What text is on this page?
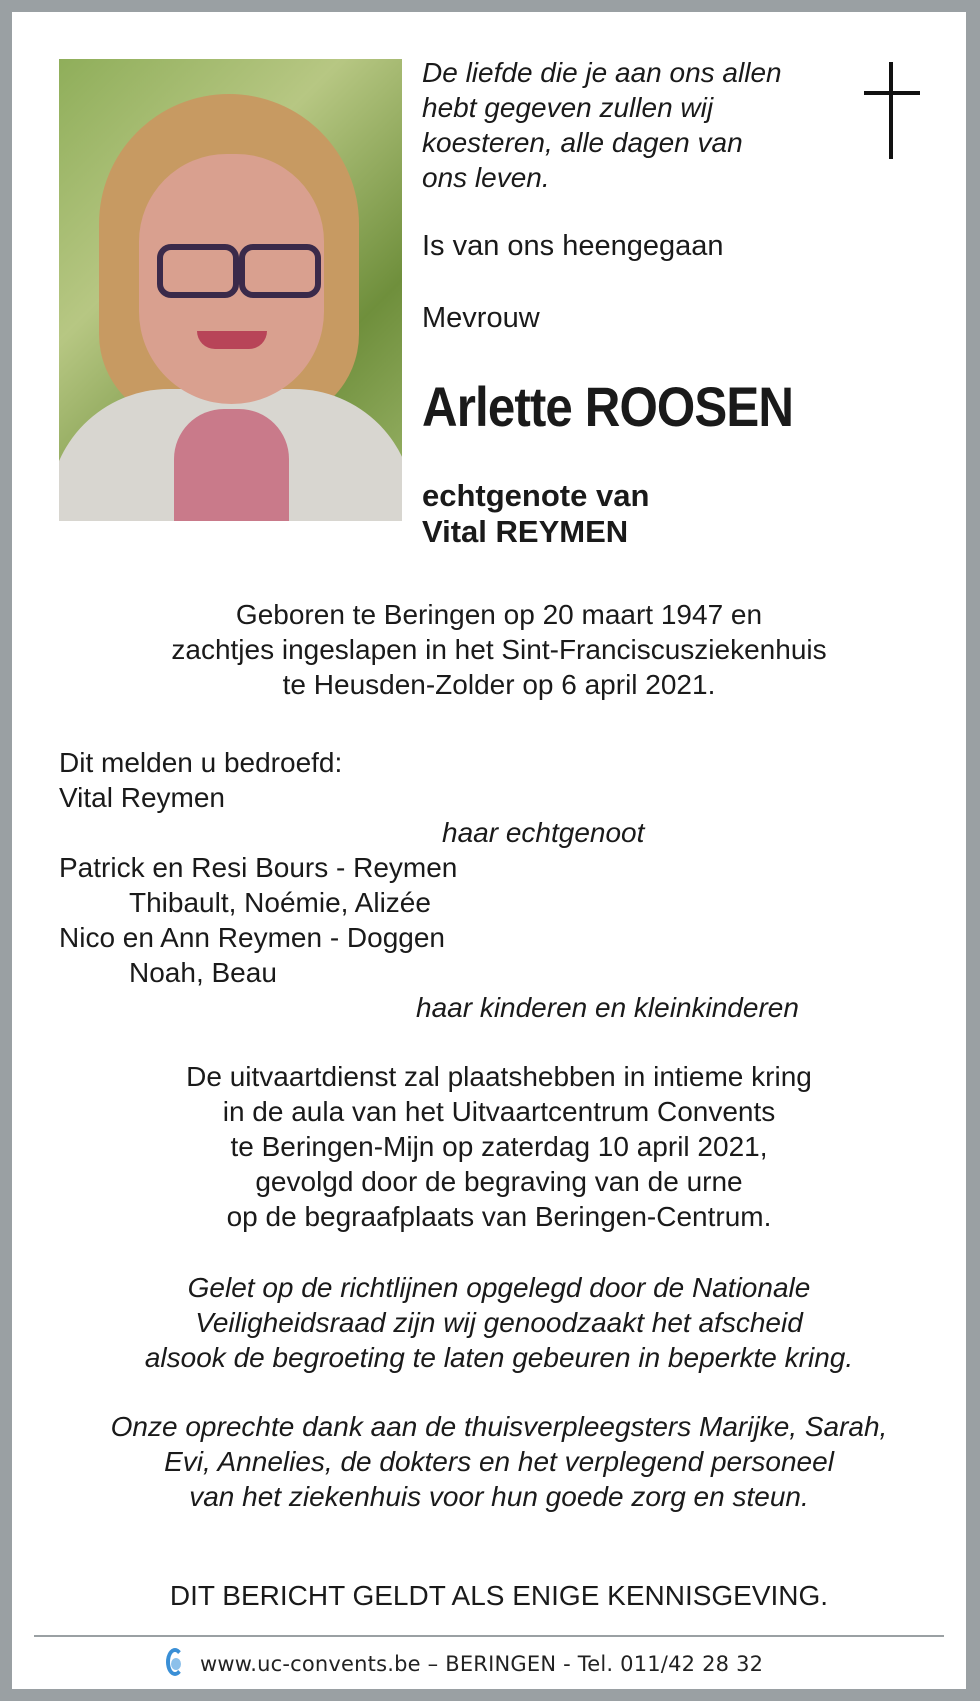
De liefde die je aan ons allen
hebt gegeven zullen wij
koesteren, alle dagen van
ons leven.
Is van ons heengegaan
Mevrouw
Arlette ROOSEN
echtgenote van
Vital REYMEN
Geboren te Beringen op 20 maart 1947 en
zachtjes ingeslapen in het Sint-Franciscusziekenhuis
te Heusden-Zolder op 6 april 2021.
Dit melden u bedroefd:
Vital Reymen
haar echtgenoot
Patrick en Resi Bours - Reymen
Thibault, Noémie, Alizée
Nico en Ann Reymen - Doggen
Noah, Beau
haar kinderen en kleinkinderen
De uitvaartdienst zal plaatshebben in intieme kring
in de aula van het Uitvaartcentrum Convents
te Beringen-Mijn op zaterdag 10 april 2021,
gevolgd door de begraving van de urne
op de begraafplaats van Beringen-Centrum.
Gelet op de richtlijnen opgelegd door de Nationale
Veiligheidsraad zijn wij genoodzaakt het afscheid
alsook de begroeting te laten gebeuren in beperkte kring.
Onze oprechte dank aan de thuisverpleegsters Marijke, Sarah,
Evi, Annelies, de dokters en het verplegend personeel
van het ziekenhuis voor hun goede zorg en steun.
DIT BERICHT GELDT ALS ENIGE KENNISGEVING.
www.uc-convents.be – BERINGEN - Tel. 011/42 28 32
